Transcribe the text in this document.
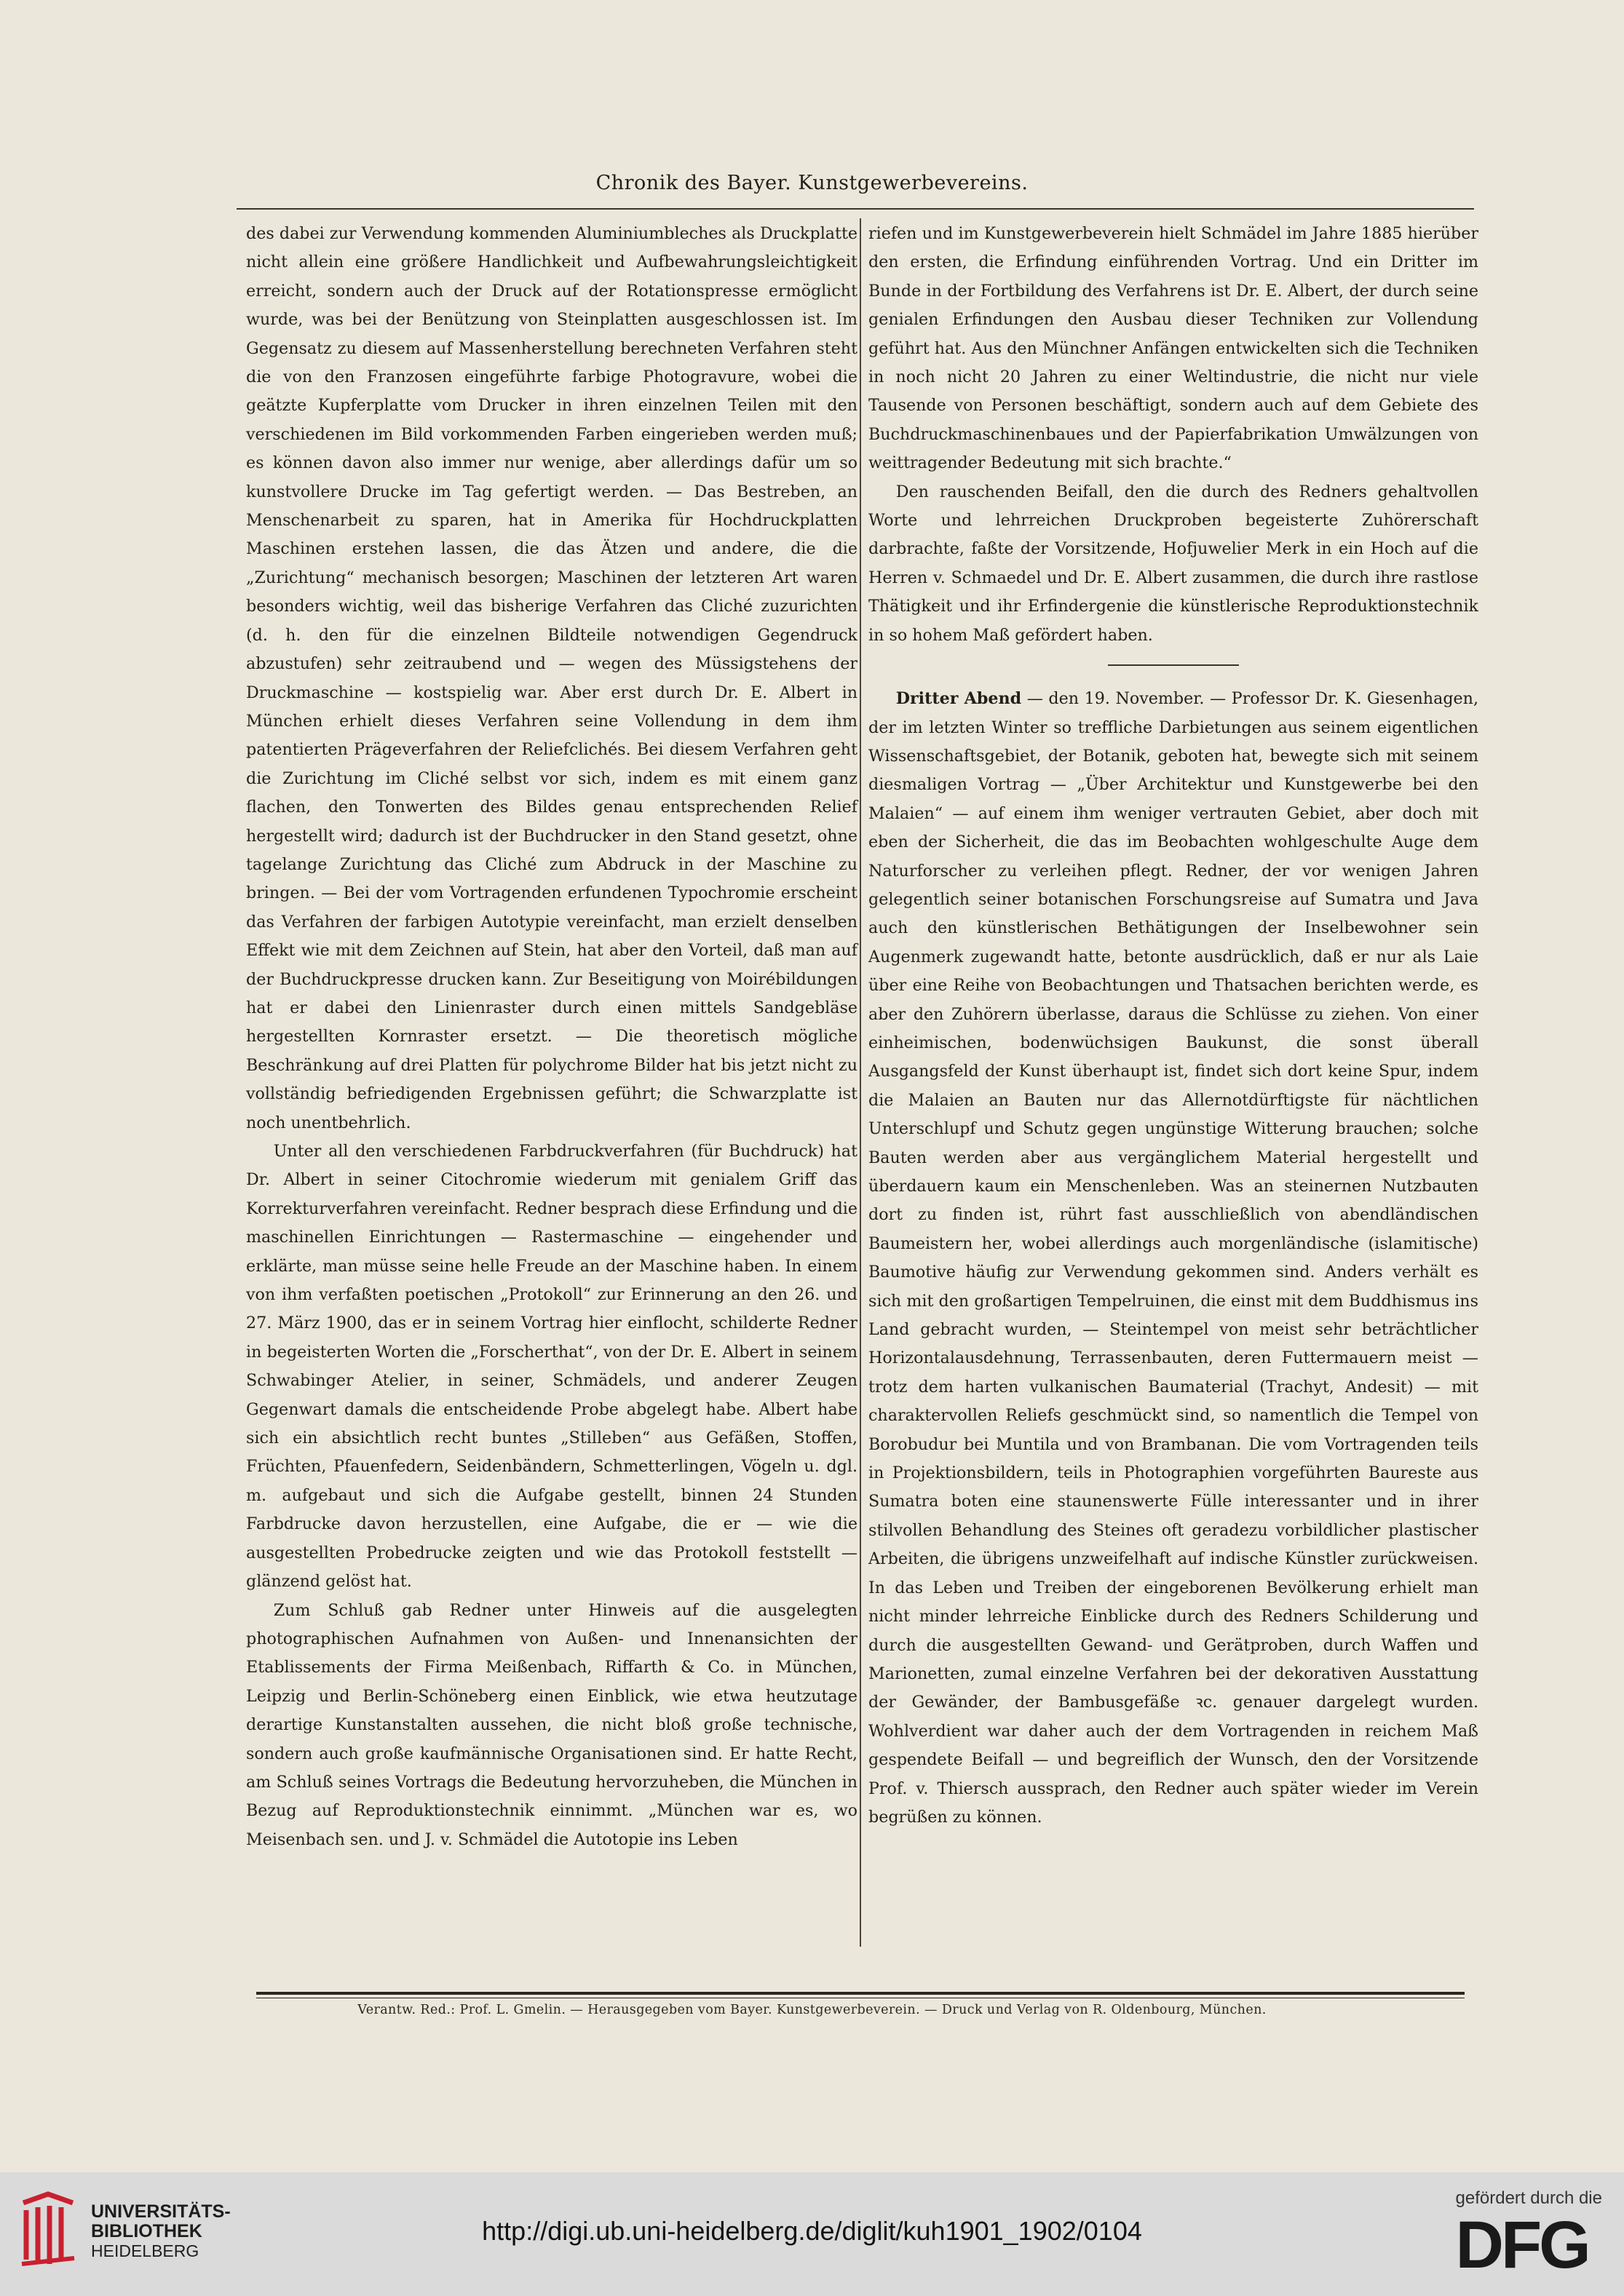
Chronik des Bayer. Kunstgewerbevereins.

des dabei zur Verwendung kommenden Aluminiumbleches als Druckplatte nicht allein eine größere Handlichkeit und Aufbewahrungsleichtigkeit erreicht, sondern auch der Druck auf der Rotationspresse ermöglicht wurde, was bei der Benützung von Steinplatten ausgeschlossen ist. Im Gegensatz zu diesem auf Massenherstellung berechneten Verfahren steht die von den Franzosen eingeführte farbige Photogravure, wobei die geätzte Kupferplatte vom Drucker in ihren einzelnen Teilen mit den verschiedenen im Bild vorkommenden Farben eingerieben werden muß; es können davon also immer nur wenige, aber allerdings dafür um so kunstvollere Drucke im Tag gefertigt werden. — Das Bestreben, an Menschenarbeit zu sparen, hat in Amerika für Hochdruckplatten Maschinen erstehen lassen, die das Ätzen und andere, die die „Zurichtung“ mechanisch besorgen; Maschinen der letzteren Art waren besonders wichtig, weil das bisherige Verfahren das Cliché zuzurichten (d. h. den für die einzelnen Bildteile notwendigen Gegendruck abzustufen) sehr zeitraubend und — wegen des Müssigstehens der Druckmaschine — kostspielig war. Aber erst durch Dr. E. Albert in München erhielt dieses Verfahren seine Vollendung in dem ihm patentierten Prägeverfahren der Reliefclichés. Bei diesem Verfahren geht die Zurichtung im Cliché selbst vor sich, indem es mit einem ganz flachen, den Tonwerten des Bildes genau entsprechenden Relief hergestellt wird; dadurch ist der Buchdrucker in den Stand gesetzt, ohne tagelange Zurichtung das Cliché zum Abdruck in der Maschine zu bringen. — Bei der vom Vortragenden erfundenen Typochromie erscheint das Verfahren der farbigen Autotypie vereinfacht, man erzielt denselben Effekt wie mit dem Zeichnen auf Stein, hat aber den Vorteil, daß man auf der Buchdruckpresse drucken kann. Zur Beseitigung von Moirébildungen hat er dabei den Linienraster durch einen mittels Sandgebläse hergestellten Kornraster ersetzt. — Die theoretisch mögliche Beschränkung auf drei Platten für polychrome Bilder hat bis jetzt nicht zu vollständig befriedigenden Ergebnissen geführt; die Schwarzplatte ist noch unentbehrlich.

Unter all den verschiedenen Farbdruckverfahren (für Buchdruck) hat Dr. Albert in seiner Citochromie wiederum mit genialem Griff das Korrekturverfahren vereinfacht. Redner besprach diese Erfindung und die maschinellen Einrichtungen — Rastermaschine — eingehender und erklärte, man müsse seine helle Freude an der Maschine haben. In einem von ihm verfaßten poetischen „Protokoll“ zur Erinnerung an den 26. und 27. März 1900, das er in seinem Vortrag hier einflocht, schilderte Redner in begeisterten Worten die „Forscherthat“, von der Dr. E. Albert in seinem Schwabinger Atelier, in seiner, Schmädels, und anderer Zeugen Gegenwart damals die entscheidende Probe abgelegt habe. Albert habe sich ein absichtlich recht buntes „Stilleben“ aus Gefäßen, Stoffen, Früchten, Pfauenfedern, Seidenbändern, Schmetterlingen, Vögeln u. dgl. m. aufgebaut und sich die Aufgabe gestellt, binnen 24 Stunden Farbdrucke davon herzustellen, eine Aufgabe, die er — wie die ausgestellten Probedrucke zeigten und wie das Protokoll feststellt — glänzend gelöst hat.

Zum Schluß gab Redner unter Hinweis auf die ausgelegten photographischen Aufnahmen von Außen- und Innenansichten der Etablissements der Firma Meißenbach, Riffarth & Co. in München, Leipzig und Berlin-Schöneberg einen Einblick, wie etwa heutzutage derartige Kunstanstalten aussehen, die nicht bloß große technische, sondern auch große kaufmännische Organisationen sind. Er hatte Recht, am Schluß seines Vortrags die Bedeutung hervorzuheben, die München in Bezug auf Reproduktionstechnik einnimmt. „München war es, wo Meisenbach sen. und J. v. Schmädel die Autotopie ins Leben

riefen und im Kunstgewerbeverein hielt Schmädel im Jahre 1885 hierüber den ersten, die Erfindung einführenden Vortrag. Und ein Dritter im Bunde in der Fortbildung des Verfahrens ist Dr. E. Albert, der durch seine genialen Erfindungen den Ausbau dieser Techniken zur Vollendung geführt hat. Aus den Münchner Anfängen entwickelten sich die Techniken in noch nicht 20 Jahren zu einer Weltindustrie, die nicht nur viele Tausende von Personen beschäftigt, sondern auch auf dem Gebiete des Buchdruckmaschinenbaues und der Papierfabrikation Umwälzungen von weittragender Bedeutung mit sich brachte.“

Den rauschenden Beifall, den die durch des Redners gehaltvollen Worte und lehrreichen Druckproben begeisterte Zuhörerschaft darbrachte, faßte der Vorsitzende, Hofjuwelier Merk in ein Hoch auf die Herren v. Schmaedel und Dr. E. Albert zusammen, die durch ihre rastlose Thätigkeit und ihr Erfindergenie die künstlerische Reproduktionstechnik in so hohem Maß gefördert haben.

Dritter Abend — den 19. November. — Professor Dr. K. Giesenhagen, der im letzten Winter so treffliche Darbietungen aus seinem eigentlichen Wissenschaftsgebiet, der Botanik, geboten hat, bewegte sich mit seinem diesmaligen Vortrag — „Über Architektur und Kunstgewerbe bei den Malaien“ — auf einem ihm weniger vertrauten Gebiet, aber doch mit eben der Sicherheit, die das im Beobachten wohlgeschulte Auge dem Naturforscher zu verleihen pflegt. Redner, der vor wenigen Jahren gelegentlich seiner botanischen Forschungsreise auf Sumatra und Java auch den künstlerischen Bethätigungen der Inselbewohner sein Augenmerk zugewandt hatte, betonte ausdrücklich, daß er nur als Laie über eine Reihe von Beobachtungen und Thatsachen berichten werde, es aber den Zuhörern überlasse, daraus die Schlüsse zu ziehen. Von einer einheimischen, bodenwüchsigen Baukunst, die sonst überall Ausgangsfeld der Kunst überhaupt ist, findet sich dort keine Spur, indem die Malaien an Bauten nur das Allernotdürftigste für nächtlichen Unterschlupf und Schutz gegen ungünstige Witterung brauchen; solche Bauten werden aber aus vergänglichem Material hergestellt und überdauern kaum ein Menschenleben. Was an steinernen Nutzbauten dort zu finden ist, rührt fast ausschließlich von abendländischen Baumeistern her, wobei allerdings auch morgenländische (islamitische) Baumotive häufig zur Verwendung gekommen sind. Anders verhält es sich mit den großartigen Tempelruinen, die einst mit dem Buddhismus ins Land gebracht wurden, — Steintempel von meist sehr beträchtlicher Horizontalausdehnung, Terrassenbauten, deren Futtermauern meist — trotz dem harten vulkanischen Baumaterial (Trachyt, Andesit) — mit charaktervollen Reliefs geschmückt sind, so namentlich die Tempel von Borobudur bei Muntila und von Brambanan. Die vom Vortragenden teils in Projektionsbildern, teils in Photographien vorgeführten Baureste aus Sumatra boten eine staunenswerte Fülle interessanter und in ihrer stilvollen Behandlung des Steines oft geradezu vorbildlicher plastischer Arbeiten, die übrigens unzweifelhaft auf indische Künstler zurückweisen. In das Leben und Treiben der eingeborenen Bevölkerung erhielt man nicht minder lehrreiche Einblicke durch des Redners Schilderung und durch die ausgestellten Gewand- und Gerätproben, durch Waffen und Marionetten, zumal einzelne Verfahren bei der dekorativen Ausstattung der Gewänder, der Bambusgefäße ꝛc. genauer dargelegt wurden. Wohlverdient war daher auch der dem Vortragenden in reichem Maß gespendete Beifall — und begreiflich der Wunsch, den der Vorsitzende Prof. v. Thiersch aussprach, den Redner auch später wieder im Verein begrüßen zu können.

Verantw. Red.: Prof. L. Gmelin. — Herausgegeben vom Bayer. Kunstgewerbeverein. — Druck und Verlag von R. Oldenbourg, München.
UNIVERSITÄTS-
BIBLIOTHEK
HEIDELBERG
http://digi.ub.uni-heidelberg.de/diglit/kuh1901_1902/0104
gefördert durch die
DFG
